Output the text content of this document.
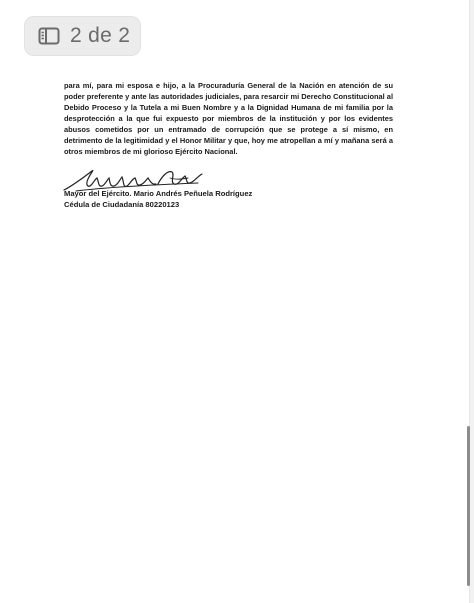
2 de 2

para mí, para mi esposa e hijo, a la Procuraduría General de la Nación en atención de su poder preferente y ante las autoridades judiciales, para resarcir mi Derecho Constitucional al Debido Proceso y la Tutela a mi Buen Nombre y a la Dignidad Humana de mi familia por la desprotección a la que fui expuesto por miembros de la institución y por los evidentes abusos cometidos por un entramado de corrupción que se protege a sí mismo, en detrimento de la legitimidad y el Honor Militar y que, hoy me atropellan a mí y mañana será a otros miembros de mi glorioso Ejército Nacional.

Mayor del Ejército. Mario Andrés Peñuela Rodríguez
Cédula de Ciudadanía 80220123
